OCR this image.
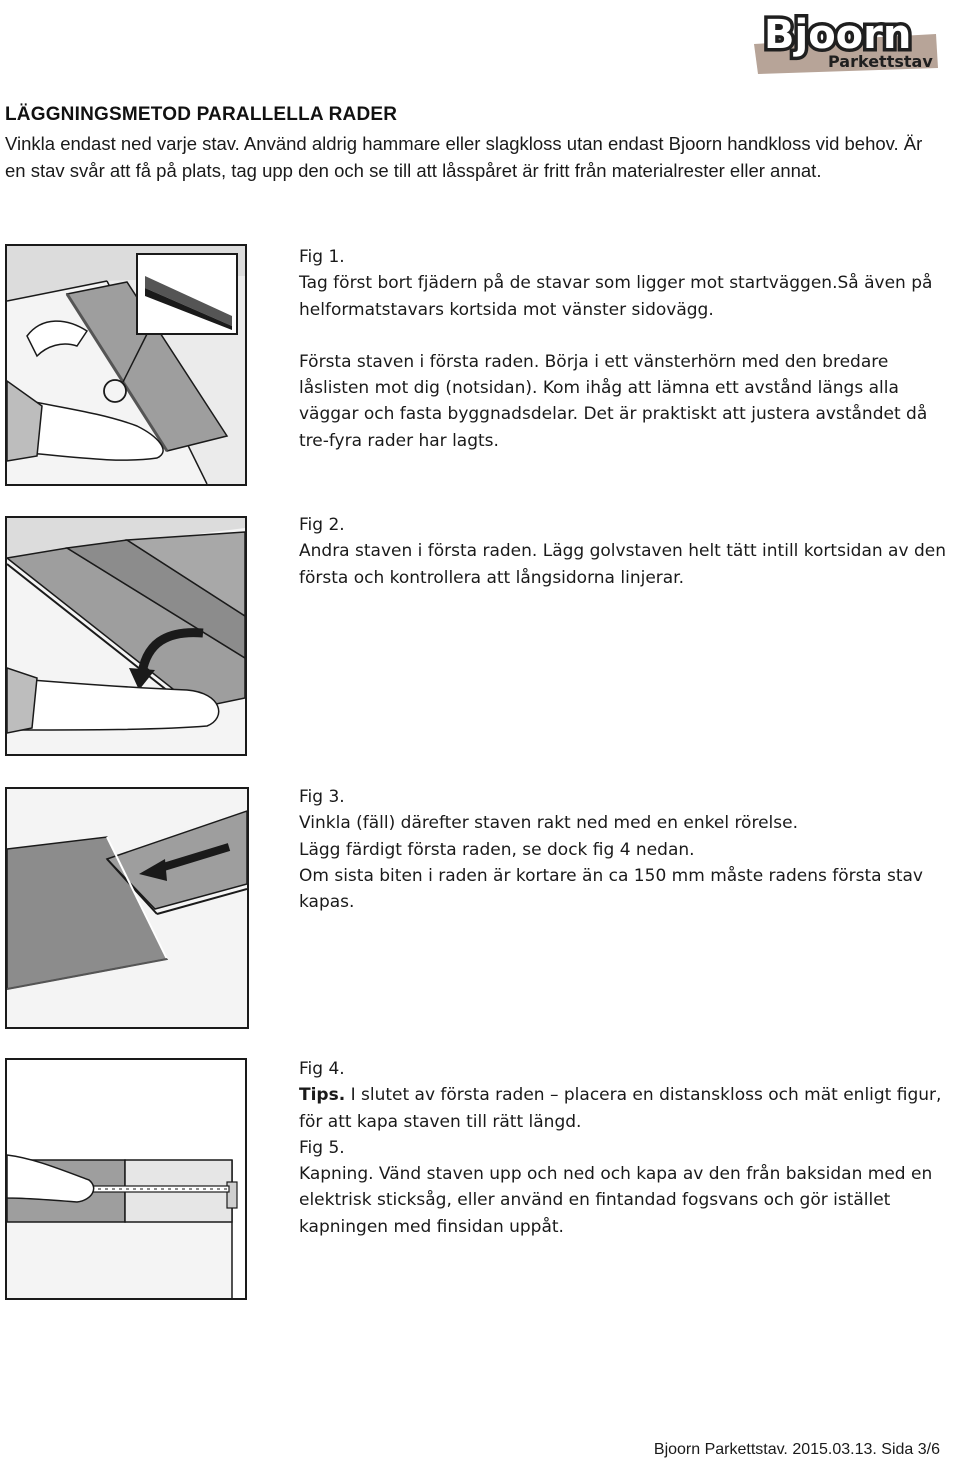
Bjoorn
Parkettstav
LÄGGNINGSMETOD PARALLELLA RADER

Vinkla endast ned varje stav. Använd aldrig hammare eller slagkloss utan endast Bjoorn handkloss vid behov. Är en stav svår att få på plats, tag upp den och se till att låsspåret är fritt från materialrester eller annat.

Fig 1.

Tag först bort fjädern på de stavar som ligger mot startväggen.Så även på helformatstavars kortsida mot vänster sidovägg.

Första staven i första raden. Börja i ett vänsterhörn med den bredare låslisten mot dig (notsidan). Kom ihåg att lämna ett avstånd längs alla väggar och fasta byggnadsdelar. Det är praktiskt att justera avståndet då tre-fyra rader har lagts.

Fig 2.

Andra staven i första raden. Lägg golvstaven helt tätt intill kortsidan av den första och kontrollera att långsidorna linjerar.

Fig 3.

Vinkla (fäll) därefter staven rakt ned med en enkel rörelse.

Lägg färdigt första raden, se dock fig 4 nedan.

Om sista biten i raden är kortare än ca 150 mm måste radens första stav kapas.

Fig 4.

Tips. I slutet av första raden – placera en distanskloss och mät enligt figur, för att kapa staven till rätt längd.

Fig 5.

Kapning. Vänd staven upp och ned och kapa av den från baksidan med en elektrisk sticksåg, eller använd en fintandad fogsvans och gör istället kapningen med finsidan uppåt.

Bjoorn Parkettstav. 2015.03.13. Sida 3/6
